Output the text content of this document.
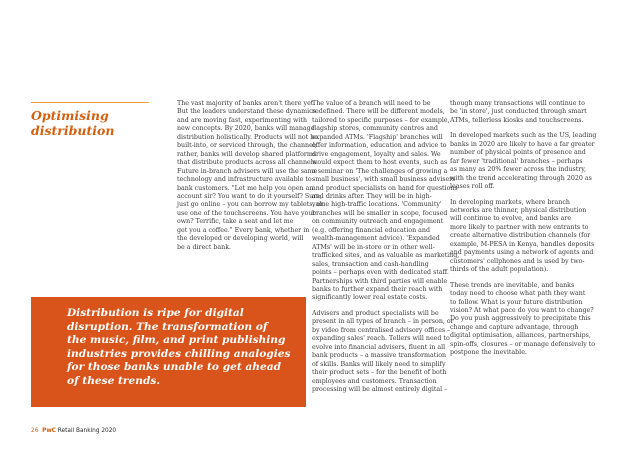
Optimising
distribution
The vast majority of banks aren't there yet.
But the leaders understand these dynamics
and are moving fast, experimenting with
new concepts. By 2020, banks will manage
distribution holistically. Products will not be
built-into, or serviced through, the channel;
rather, banks will develop shared platforms
that distribute products across all channels.
Future in-branch advisers will use the same
technology and infrastructure available to
bank customers. "Let me help you open an
account sir? You want to do it yourself? Sure,
just go online – you can borrow my tablets, or
use one of the touchscreens. You have your
own? Terrific, take a seat and let me
get you a coffee." Every bank, whether in
the developed or developing world, will
be a direct bank.
The value of a branch will need to be
redefined. There will be different models,
tailored to specific purposes – for example,
flagship stores, community centres and
expanded ATMs. 'Flagship' branches will
offer information, education and advice to
drive engagement, loyalty and sales. We
would expect them to host events, such as
a seminar on 'The challenges of growing a
small business', with small business advisers
and product specialists on hand for questions
and drinks after. They will be in high-
value high-traffic locations. 'Community'
branches will be smaller in scope, focused
on community outreach and engagement
(e.g. offering financial education and
wealth-management advice). 'Expanded
ATMs' will be in-store or in other well-
trafficked sites, and as valuable as marketing,
sales, transaction and cash-handling
points – perhaps even with dedicated staff.
Partnerships with third parties will enable
banks to further expand their reach with
significantly lower real estate costs.
Advisers and product specialists will be
present in all types of branch – in person, or
by video from centralised advisory offices –
expanding sales' reach. Tellers will need to
evolve into financial advisers, fluent in all
bank products – a massive transformation
of skills. Banks will likely need to simplify
their product sets – for the benefit of both
employees and customers. Transaction
processing will be almost entirely digital –
though many transactions will continue to
be 'in store', just conducted through smart
ATMs, tellerless kiosks and touchscreens.
In developed markets such as the US, leading
banks in 2020 are likely to have a far greater
number of physical points of presence and
far fewer 'traditional' branches – perhaps
as many as 20% fewer across the industry,
with the trend accelerating through 2020 as
leases roll off.
In developing markets, where branch
networks are thinner, physical distribution
will continue to evolve, and banks are
more likely to partner with new entrants to
create alternative distribution channels (for
example, M-PESA in Kenya, handles deposits
and payments using a network of agents and
customers' cellphones and is used by two-
thirds of the adult population).
These trends are inevitable, and banks
today need to choose what path they want
to follow. What is your future distribution
vision? At what pace do you want to change?
Do you push aggressively to precipitate this
change and capture advantage, through
digital optimisation, alliances, partnerships,
spin-offs, closures – or manage defensively to
postpone the inevitable.
Distribution is ripe for digital
disruption. The transformation of
the music, film, and print publishing
industries provides chilling analogies
for those banks unable to get ahead
of these trends.
26 PwC Retail Banking 2020
